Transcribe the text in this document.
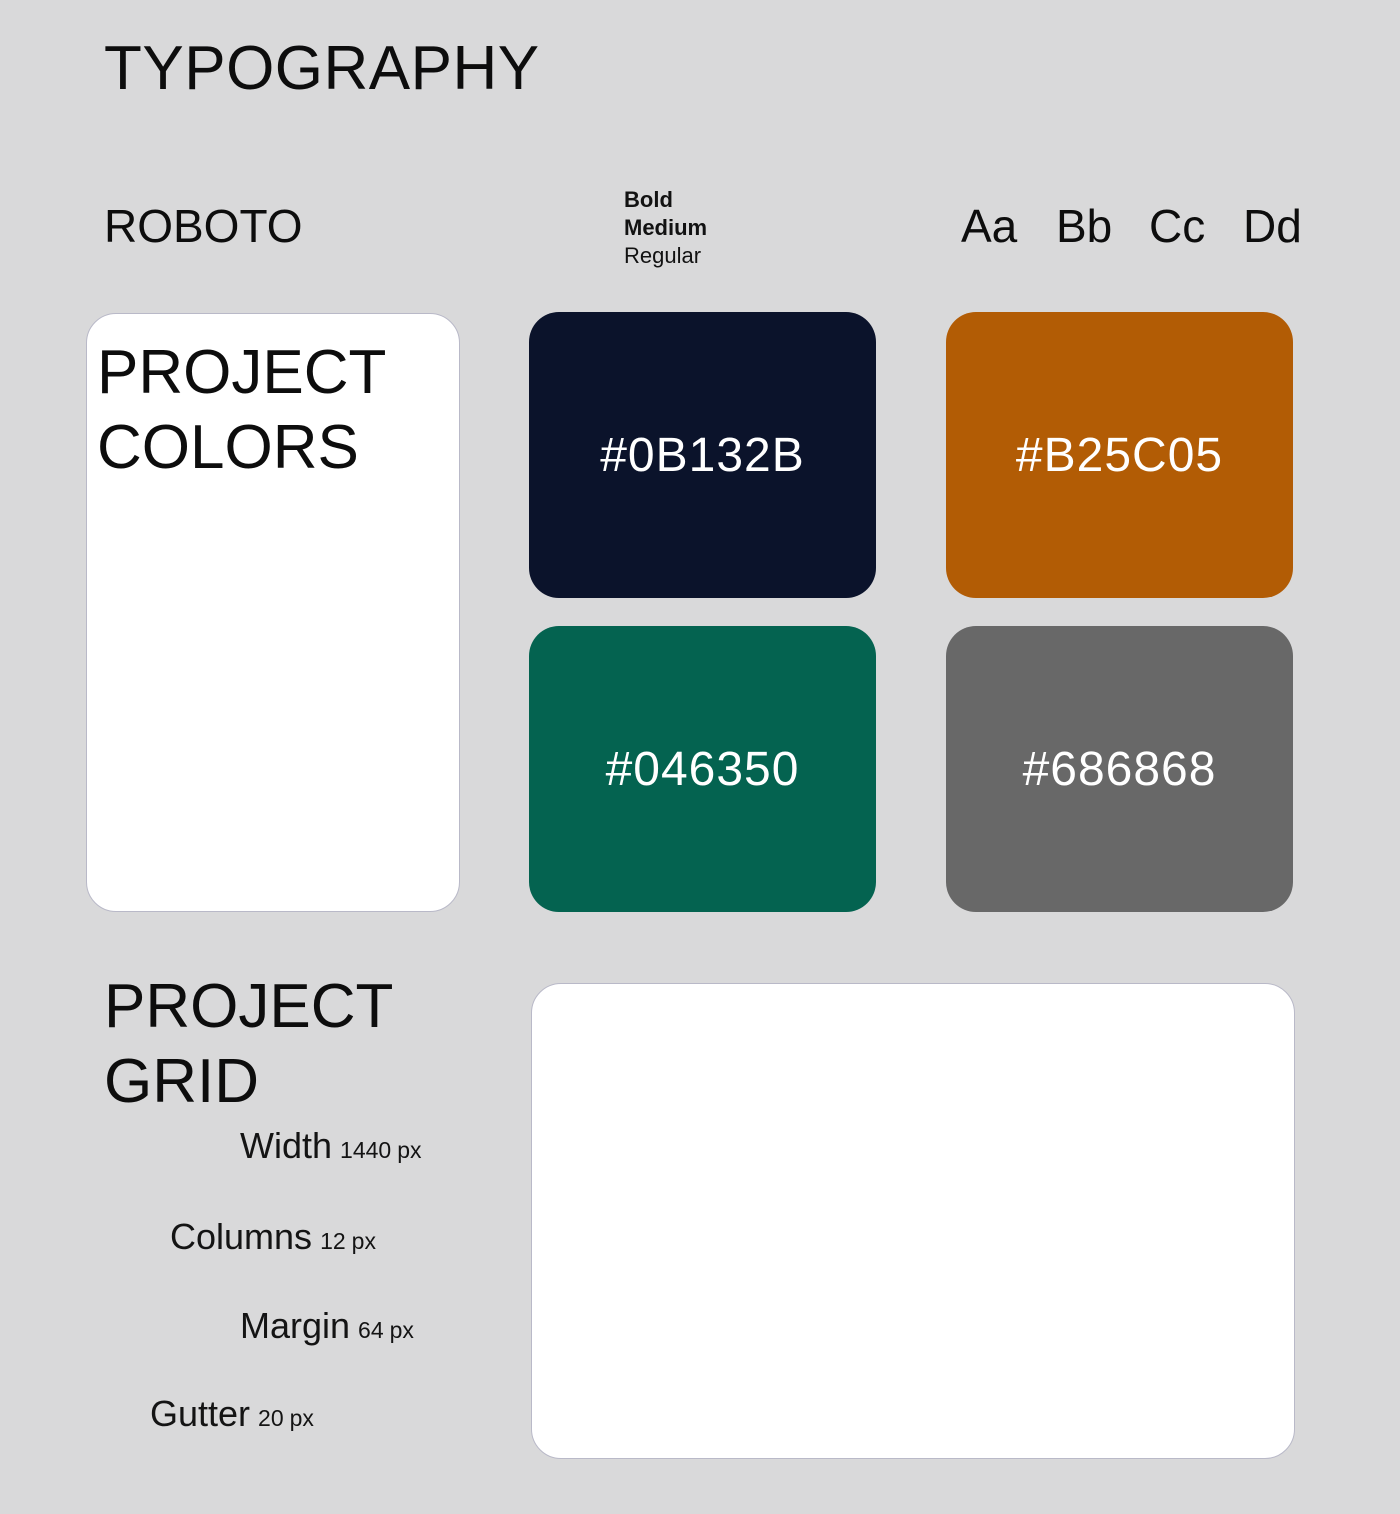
TYPOGRAPHY
ROBOTO
Bold
Medium
Regular
Aa Bb Cc Dd
PROJECT
COLORS	#0B132B	#B25C05
#046350	#686868
PROJECT
GRID
Width 1440 px
Columns 12 px
Margin 64 px
Gutter 20 px
